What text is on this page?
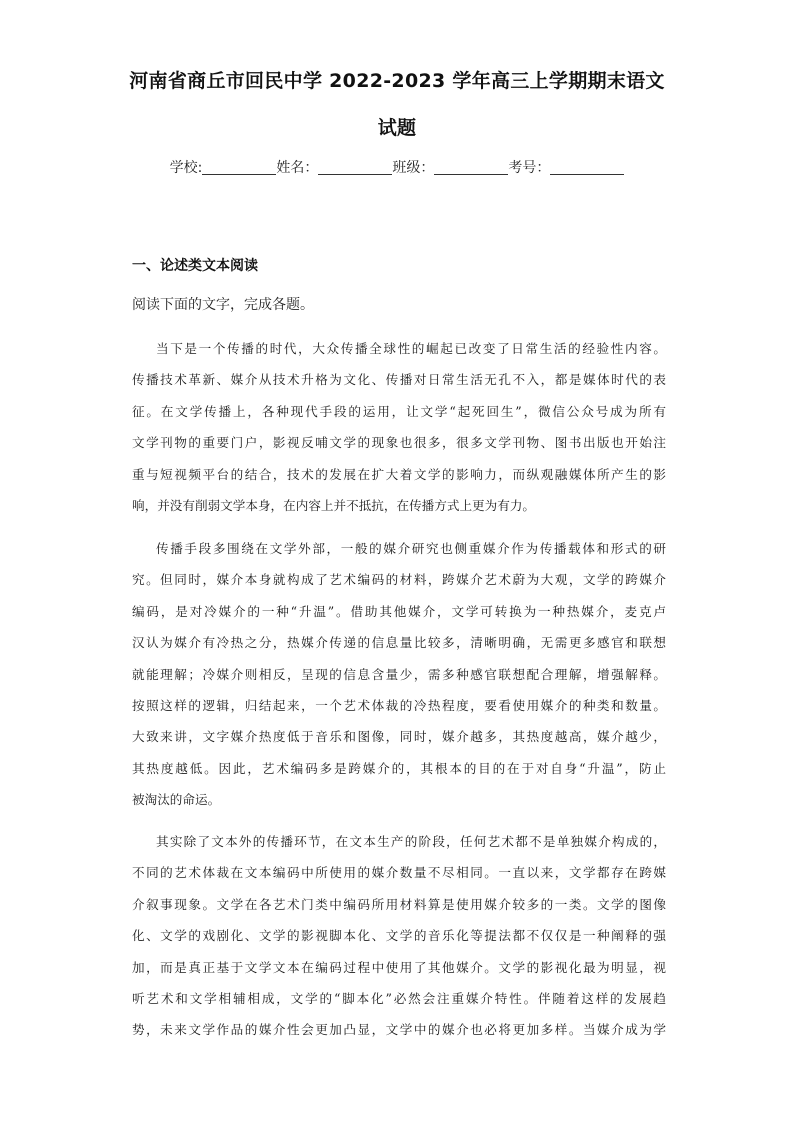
河南省商丘市回民中学 2022-2023 学年高三上学期期末语文
试题
学校:	姓名：	班级：	考号：
一、论述类文本阅读
阅读下面的文字，完成各题。
当下是一个传播的时代，大众传播全球性的崛起已改变了日常生活的经验性内容。
传播技术革新、媒介从技术升格为文化、传播对日常生活无孔不入，都是媒体时代的表
征。在文学传播上，各种现代手段的运用，让文学“起死回生”，微信公众号成为所有
文学刊物的重要门户，影视反哺文学的现象也很多，很多文学刊物、图书出版也开始注
重与短视频平台的结合，技术的发展在扩大着文学的影响力，而纵观融媒体所产生的影
响，并没有削弱文学本身，在内容上并不抵抗，在传播方式上更为有力。
传播手段多围绕在文学外部，一般的媒介研究也侧重媒介作为传播载体和形式的研
究。但同时，媒介本身就构成了艺术编码的材料，跨媒介艺术蔚为大观，文学的跨媒介
编码，是对冷媒介的一种“升温”。借助其他媒介，文学可转换为一种热媒介，麦克卢
汉认为媒介有冷热之分，热媒介传递的信息量比较多，清晰明确，无需更多感官和联想
就能理解；冷媒介则相反，呈现的信息含量少，需多种感官联想配合理解，增强解释。
按照这样的逻辑，归结起来，一个艺术体裁的冷热程度，要看使用媒介的种类和数量。
大致来讲，文字媒介热度低于音乐和图像，同时，媒介越多，其热度越高，媒介越少，
其热度越低。因此，艺术编码多是跨媒介的，其根本的目的在于对自身“升温”，防止
被淘汰的命运。
其实除了文本外的传播环节，在文本生产的阶段，任何艺术都不是单独媒介构成的，
不同的艺术体裁在文本编码中所使用的媒介数量不尽相同。一直以来，文学都存在跨媒
介叙事现象。文学在各艺术门类中编码所用材料算是使用媒介较多的一类。文学的图像
化、文学的戏剧化、文学的影视脚本化、文学的音乐化等提法都不仅仅是一种阐释的强
加，而是真正基于文学文本在编码过程中使用了其他媒介。文学的影视化最为明显，视
听艺术和文学相辅相成，文学的“脚本化”必然会注重媒介特性。伴随着这样的发展趋
势，未来文学作品的媒介性会更加凸显，文学中的媒介也必将更加多样。当媒介成为学
